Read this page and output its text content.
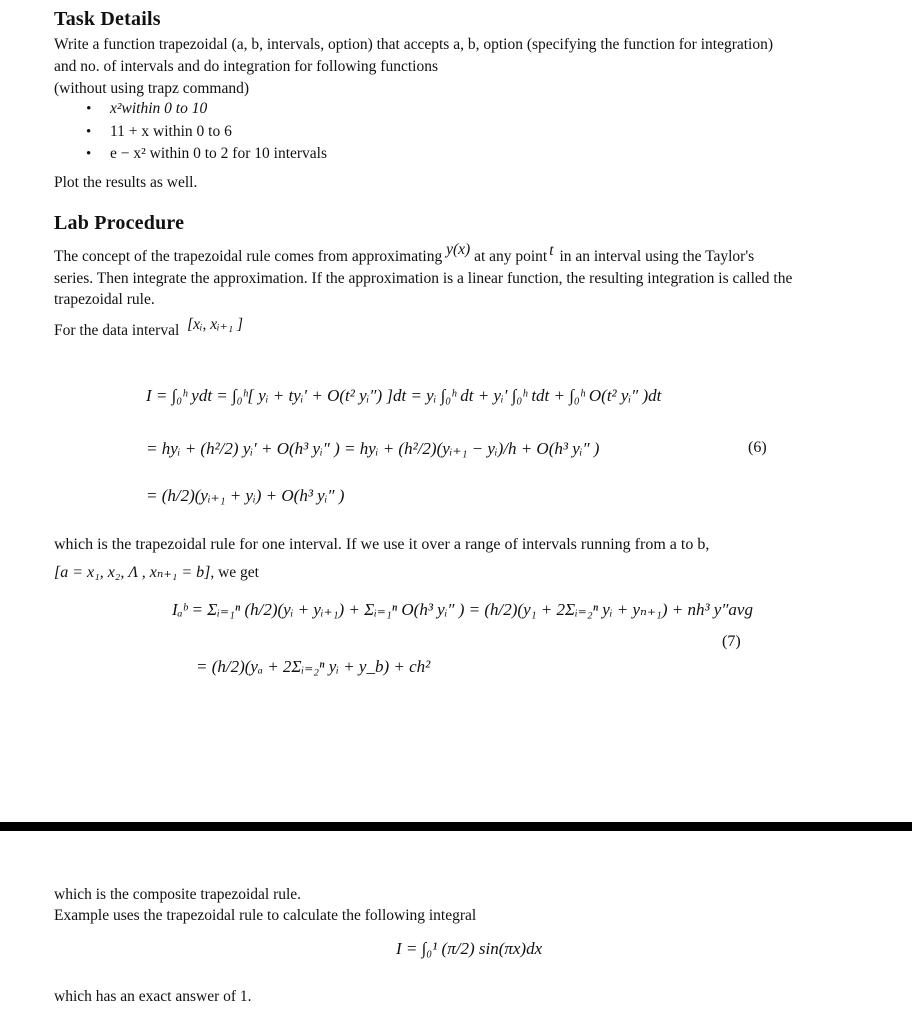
Task Details

Write a function trapezoidal (a, b, intervals, option) that accepts a, b, option (specifying the function for integration)

and no. of intervals and do integration for following functions

(without using trapz command)

• x²within 0 to 10
• 11 + x within 0 to 6
• e − x² within 0 to 2 for 10 intervals

Plot the results as well.

Lab Procedure

The concept of the trapezoidal rule comes from approximating y(x) at any point t in an interval using the Taylor's

series. Then integrate the approximation. If the approximation is a linear function, the resulting integration is called the

trapezoidal rule.

For the data interval [xᵢ, xᵢ₊₁ ]

I = ∫₀ʰ ydt = ∫₀ʰ[ yᵢ + tyᵢ′ + O(t² yᵢ″) ]dt = yᵢ ∫₀ʰ dt + yᵢ′ ∫₀ʰ tdt + ∫₀ʰ O(t² yᵢ″ )dt
= hyᵢ + (h²/2) yᵢ′ + O(h³ yᵢ″ ) = hyᵢ + (h²/2)(yᵢ₊₁ − yᵢ)/h + O(h³ yᵢ″ )
= (h/2)(yᵢ₊₁ + yᵢ) + O(h³ yᵢ″ )
(6)

which is the trapezoidal rule for one interval. If we use it over a range of intervals running from a to b,

[a = x₁, x₂, Λ , xₙ₊₁ = b], we get

Iₐᵇ = Σᵢ₌₁ⁿ (h/2)(yᵢ + yᵢ₊₁) + Σᵢ₌₁ⁿ O(h³ yᵢ″ ) = (h/2)(y₁ + 2Σᵢ₌₂ⁿ yᵢ + yₙ₊₁) + nh³ y″avg
= (h/2)(yₐ + 2Σᵢ₌₂ⁿ yᵢ + y_b) + ch²
(7)

which is the composite trapezoidal rule.

Example uses the trapezoidal rule to calculate the following integral

I = ∫₀¹ (π/2) sin(πx)dx

which has an exact answer of 1.
